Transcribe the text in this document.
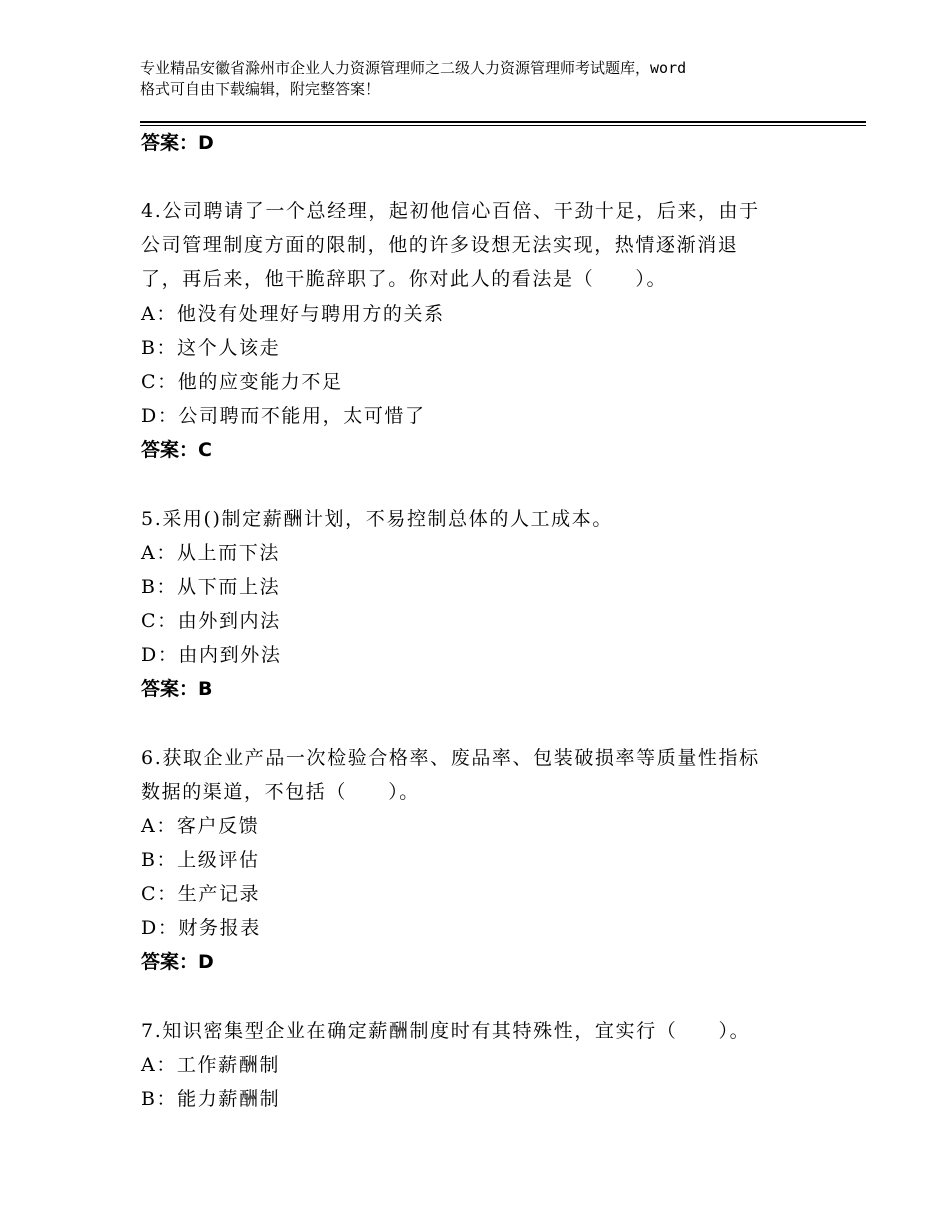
专业精品安徽省滁州市企业人力资源管理师之二级人力资源管理师考试题库，word
格式可自由下载编辑，附完整答案！
答案：D
4.公司聘请了一个总经理，起初他信心百倍、干劲十足，后来，由于
公司管理制度方面的限制，他的许多设想无法实现，热情逐渐消退
了，再后来，他干脆辞职了。你对此人的看法是（　　）。
A：他没有处理好与聘用方的关系
B：这个人该走
C：他的应变能力不足
D：公司聘而不能用，太可惜了
答案：C
5.采用()制定薪酬计划，不易控制总体的人工成本。
A：从上而下法
B：从下而上法
C：由外到内法
D：由内到外法
答案：B
6.获取企业产品一次检验合格率、废品率、包装破损率等质量性指标
数据的渠道，不包括（　　）。
A：客户反馈
B：上级评估
C：生产记录
D：财务报表
答案：D
7.知识密集型企业在确定薪酬制度时有其特殊性，宜实行（　　）。
A：工作薪酬制
B：能力薪酬制
